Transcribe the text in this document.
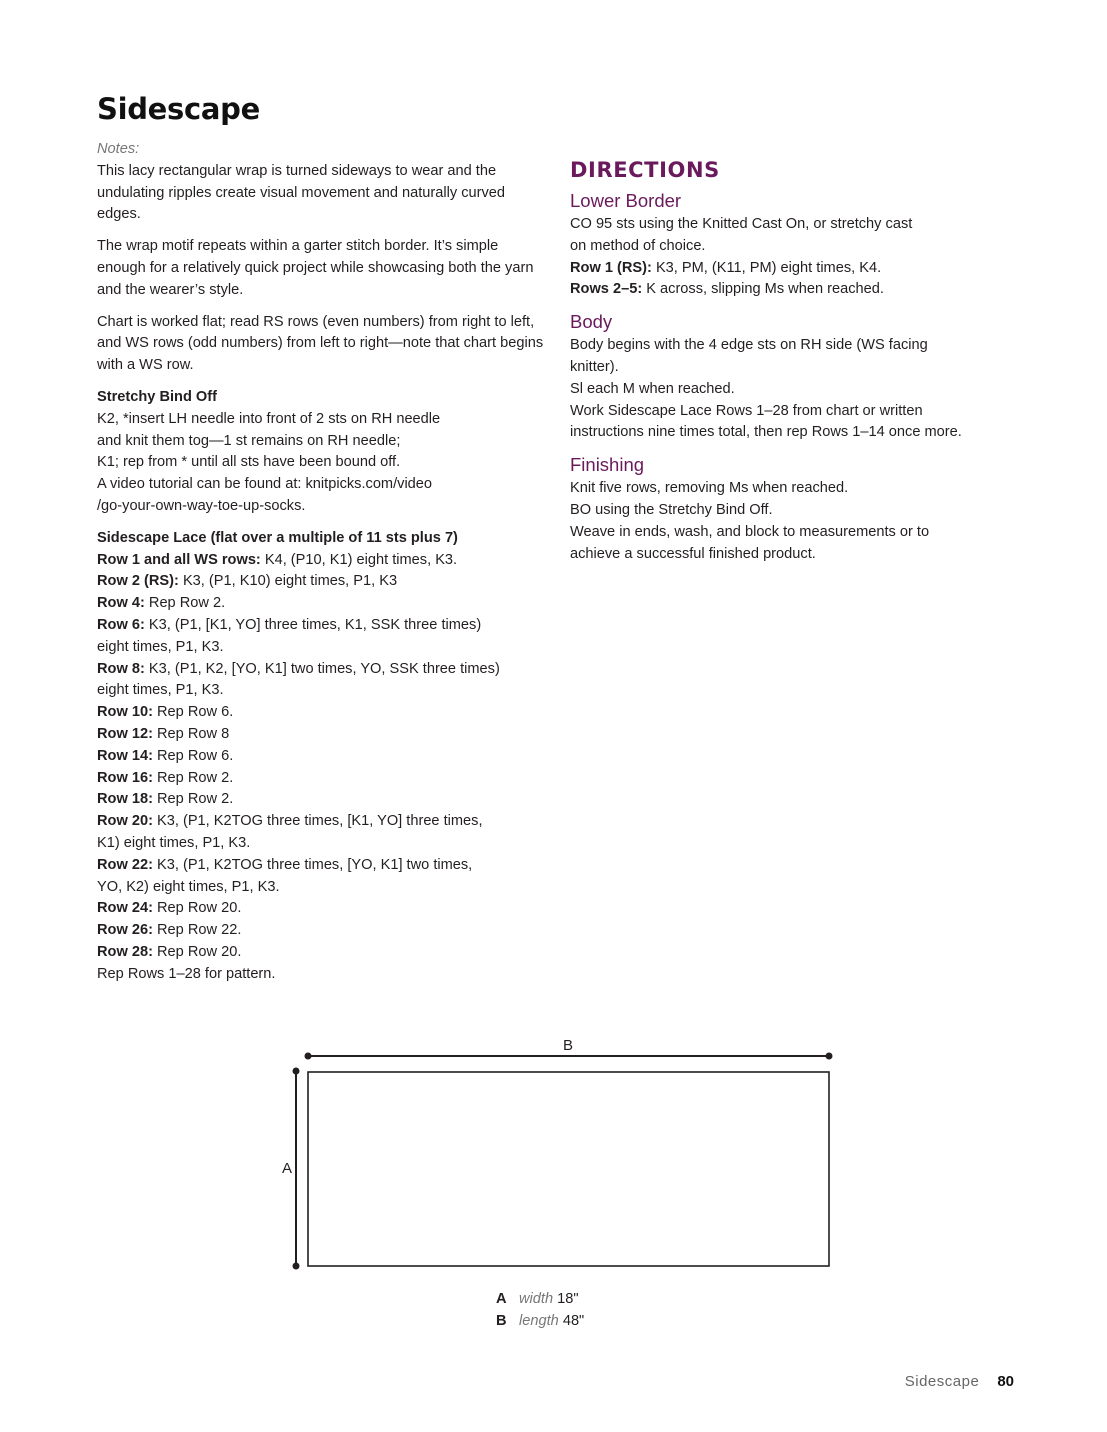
Sidescape
Notes:

This lacy rectangular wrap is turned sideways to wear and the undulating ripples create visual movement and naturally curved edges.

The wrap motif repeats within a garter stitch border. It’s simple enough for a relatively quick project while showcasing both the yarn and the wearer’s style.

Chart is worked flat; read RS rows (even numbers) from right to left, and WS rows (odd numbers) from left to right—note that chart begins with a WS row.

Stretchy Bind Off
K2, *insert LH needle into front of 2 sts on RH needle
and knit them tog—1 st remains on RH needle;
K1; rep from * until all sts have been bound off.
A video tutorial can be found at: knitpicks.com/video
/go-your-own-way-toe-up-socks.
Sidescape Lace (flat over a multiple of 11 sts plus 7)
Row 1 and all WS rows: K4, (P10, K1) eight times, K3.
Row 2 (RS): K3, (P1, K10) eight times, P1, K3
Row 4: Rep Row 2.
Row 6: K3, (P1, [K1, YO] three times, K1, SSK three times)
eight times, P1, K3.
Row 8: K3, (P1, K2, [YO, K1] two times, YO, SSK three times)
eight times, P1, K3.
Row 10: Rep Row 6.
Row 12: Rep Row 8
Row 14: Rep Row 6.
Row 16: Rep Row 2.
Row 18: Rep Row 2.
Row 20: K3, (P1, K2TOG three times, [K1, YO] three times,
K1) eight times, P1, K3.
Row 22: K3, (P1, K2TOG three times, [YO, K1] two times,
YO, K2) eight times, P1, K3.
Row 24: Rep Row 20.
Row 26: Rep Row 22.
Row 28: Rep Row 20.
Rep Rows 1–28 for pattern.
DIRECTIONS
Lower Border
CO 95 sts using the Knitted Cast On, or stretchy cast
on method of choice.
Row 1 (RS): K3, PM, (K11, PM) eight times, K4.
Rows 2–5: K across, slipping Ms when reached.
Body
Body begins with the 4 edge sts on RH side (WS facing
knitter).
Sl each M when reached.
Work Sidescape Lace Rows 1–28 from chart or written
instructions nine times total, then rep Rows 1–14 once more.
Finishing
Knit five rows, removing Ms when reached.
BO using the Stretchy Bind Off.
Weave in ends, wash, and block to measurements or to
achieve a successful finished product.
B
A
A width 18"
B length 48"
Sidescape 80
